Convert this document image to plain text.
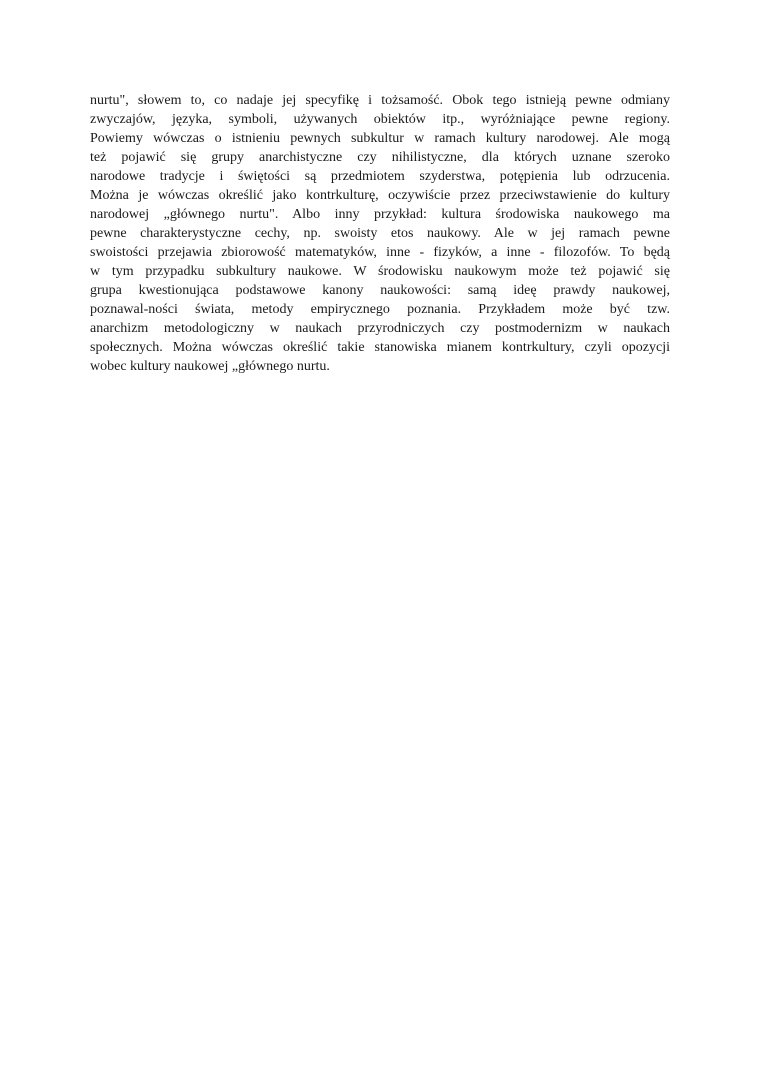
nurtu", słowem to, co nadaje jej specyfikę i tożsamość. Obok tego istnieją pewne odmiany
zwyczajów, języka, symboli, używanych obiektów itp., wyróżniające pewne regiony.
Powiemy wówczas o istnieniu pewnych subkultur w ramach kultury narodowej. Ale mogą
też pojawić się grupy anarchistyczne czy nihilistyczne, dla których uznane szeroko
narodowe tradycje i świętości są przedmiotem szyderstwa, potępienia lub odrzucenia.
Można je wówczas określić jako kontrkulturę, oczywiście przez przeciwstawienie do kultury
narodowej „głównego nurtu". Albo inny przykład: kultura środowiska naukowego ma
pewne charakterystyczne cechy, np. swoisty etos naukowy. Ale w jej ramach pewne
swoistości przejawia zbiorowość matematyków, inne - fizyków, a inne - filozofów. To będą
w tym przypadku subkultury naukowe. W środowisku naukowym może też pojawić się
grupa kwestionująca podstawowe kanony naukowości: samą ideę prawdy naukowej,
poznawal-ności świata, metody empirycznego poznania. Przykładem może być tzw.
anarchizm metodologiczny w naukach przyrodniczych czy postmodernizm w naukach
społecznych. Można wówczas określić takie stanowiska mianem kontrkultury, czyli opozycji
wobec kultury naukowej „głównego nurtu.
